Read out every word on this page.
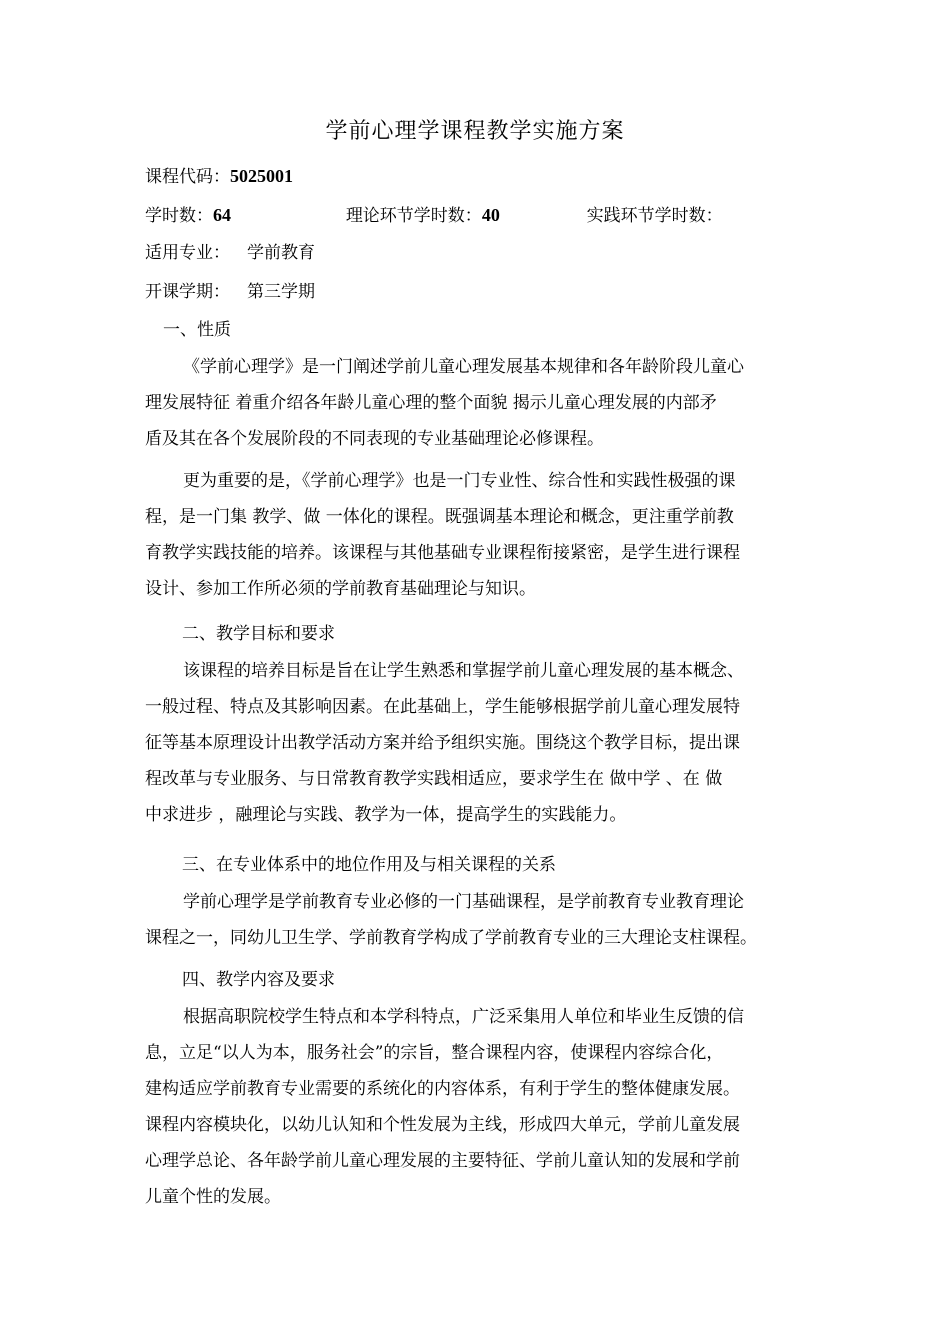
学前心理学课程教学实施方案
课程代码：5025001
学时数：64	理论环节学时数：40	实践环节学时数：
适用专业： 学前教育
开课学期： 第三学期
一、性质
《学前心理学》是一门阐述学前儿童心理发展基本规律和各年龄阶段儿童心
理发展特征 着重介绍各年龄儿童心理的整个面貌 揭示儿童心理发展的内部矛
盾及其在各个发展阶段的不同表现的专业基础理论必修课程。
更为重要的是，《学前心理学》也是一门专业性、综合性和实践性极强的课
程，是一门集 教学、做 一体化的课程。既强调基本理论和概念，更注重学前教
育教学实践技能的培养。该课程与其他基础专业课程衔接紧密，是学生进行课程
设计、参加工作所必须的学前教育基础理论与知识。
二、教学目标和要求
该课程的培养目标是旨在让学生熟悉和掌握学前儿童心理发展的基本概念、
一般过程、特点及其影响因素。在此基础上，学生能够根据学前儿童心理发展特
征等基本原理设计出教学活动方案并给予组织实施。围绕这个教学目标，提出课
程改革与专业服务、与日常教育教学实践相适应，要求学生在 做中学 、在 做
中求进步 ，融理论与实践、教学为一体，提高学生的实践能力。
三、在专业体系中的地位作用及与相关课程的关系
学前心理学是学前教育专业必修的一门基础课程，是学前教育专业教育理论
课程之一，同幼儿卫生学、学前教育学构成了学前教育专业的三大理论支柱课程。
四、教学内容及要求
根据高职院校学生特点和本学科特点，广泛采集用人单位和毕业生反馈的信
息，立足“以人为本，服务社会”的宗旨，整合课程内容，使课程内容综合化，
建构适应学前教育专业需要的系统化的内容体系，有利于学生的整体健康发展。
课程内容模块化，以幼儿认知和个性发展为主线，形成四大单元，学前儿童发展
心理学总论、各年龄学前儿童心理发展的主要特征、学前儿童认知的发展和学前
儿童个性的发展。
